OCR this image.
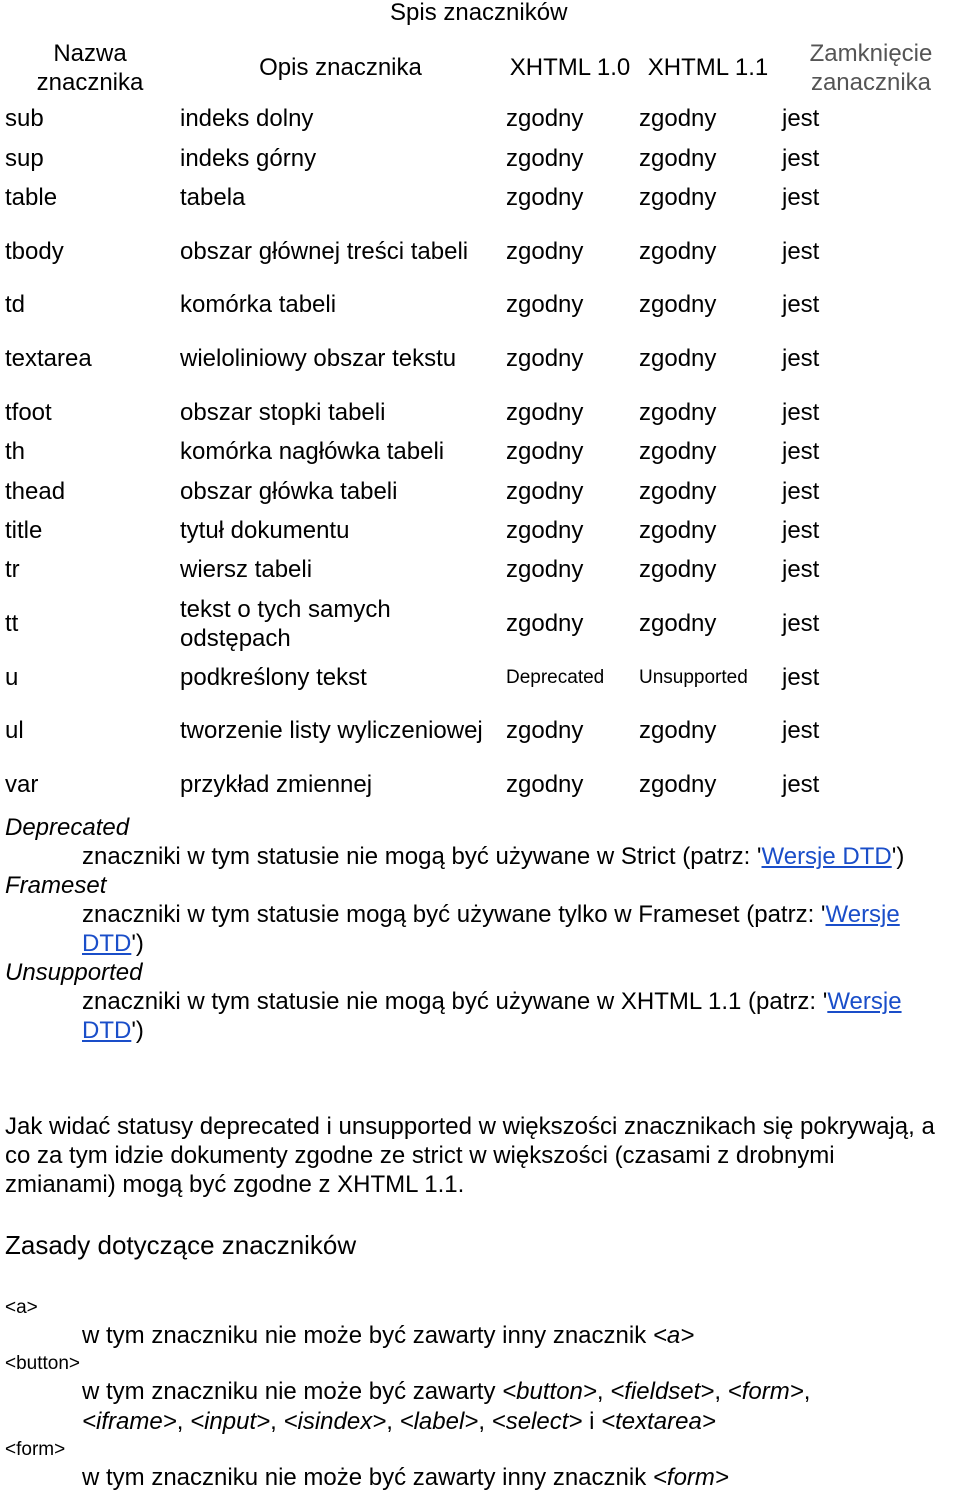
Spis znaczników
Nazwa znacznika	Opis znacznika	XHTML 1.0	XHTML 1.1	Zamknięcie zanacznika
sub	indeks dolny	zgodny	zgodny	jest
sup	indeks górny	zgodny	zgodny	jest
table	tabela	zgodny	zgodny	jest
tbody	obszar głównej treści tabeli	zgodny	zgodny	jest
td	komórka tabeli	zgodny	zgodny	jest
textarea	wieloliniowy obszar tekstu	zgodny	zgodny	jest
tfoot	obszar stopki tabeli	zgodny	zgodny	jest
th	komórka nagłówka tabeli	zgodny	zgodny	jest
thead	obszar główka tabeli	zgodny	zgodny	jest
title	tytuł dokumentu	zgodny	zgodny	jest
tr	wiersz tabeli	zgodny	zgodny	jest
tt	tekst o tych samych odstępach	zgodny	zgodny	jest
u	podkreślony tekst	Deprecated	Unsupported	jest
ul	tworzenie listy wyliczeniowej	zgodny	zgodny	jest
var	przykład zmiennej	zgodny	zgodny	jest
Deprecated
znaczniki w tym statusie nie mogą być używane w Strict (patrz: 'Wersje DTD')
Frameset
znaczniki w tym statusie mogą być używane tylko w Frameset (patrz: 'Wersje DTD')
Unsupported
znaczniki w tym statusie nie mogą być używane w XHTML 1.1 (patrz: 'Wersje DTD')
Jak widać statusy deprecated i unsupported w większości znacznikach się pokrywają, a co za tym idzie dokumenty zgodne ze strict w większości (czasami z drobnymi zmianami) mogą być zgodne z XHTML 1.1.
Zasady dotyczące znaczników
<a>
w tym znaczniku nie może być zawarty inny znacznik <a>
<button>
w tym znaczniku nie może być zawarty <button>, <fieldset>, <form>,
<iframe>, <input>, <isindex>, <label>, <select> i <textarea>
<form>
w tym znaczniku nie może być zawarty inny znacznik <form>
